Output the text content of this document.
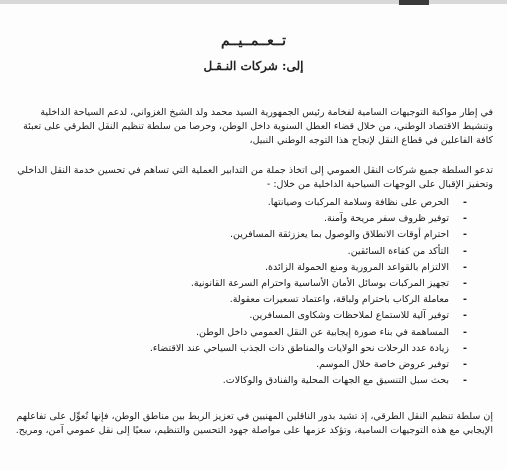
تــعــمــيــم
إلى: شركات النـقـل

في إطار مواكبة التوجيهات السامية لفخامة رئيس الجمهورية السيد محمد ولد الشيخ الغزواني، لدعم السياحة الداخلية وتنشيط الاقتصاد الوطني، من خلال قضاء العطل السنوية داخل الوطن، وحرصا من سلطة تنظيم النقل الطرقي على تعبئة كافة الفاعلين في قطاع النقل لإنجاح هذا التوجه الوطني النبيل،

تدعو السلطة جميع شركات النقل العمومي إلى اتخاذ جملة من التدابير العملية التي تساهم في تحسين خدمة النقل الداخلي وتحفيز الإقبال على الوجهات السياحية الداخلية من خلال: -

- الحرص على نظافة وسلامة المركبات وصيانتها.
- توفير ظروف سفر مريحة وآمنة.
- احترام أوقات الانطلاق والوصول بما يعززثقة المسافرين.
- التأكد من كفاءة السائقين.
- الالتزام بالقواعد المرورية ومنع الحمولة الزائدة.
- تجهيز المركبات بوسائل الأمان الأساسية واحترام السرعة القانونية.
- معاملة الركاب باحترام ولباقة، واعتماد تسعيرات معقولة.
- توفير آلية للاستماع لملاحظات وشكاوى المسافرين.
- المساهمة في بناء صورة إيجابية عن النقل العمومي داخل الوطن.
- زيادة عدد الرحلات نحو الولايات والمناطق ذات الجذب السياحي عند الاقتضاء.
- توفير عروض خاصة خلال الموسم.
- بحث سبل التنسيق مع الجهات المحلية والفنادق والوكالات.

إن سلطة تنظيم النقل الطرقي، إذ تشيد بدور الناقلين المهنيين في تعزيز الربط بين مناطق الوطن، فإنها تُعوِّل على تفاعلهم الإيجابي مع هذه التوجيهات السامية، وتؤكد عزمها على مواصلة جهود التحسين والتنظيم، سعيًا إلى نقل عمومي آمن، ومريح.
